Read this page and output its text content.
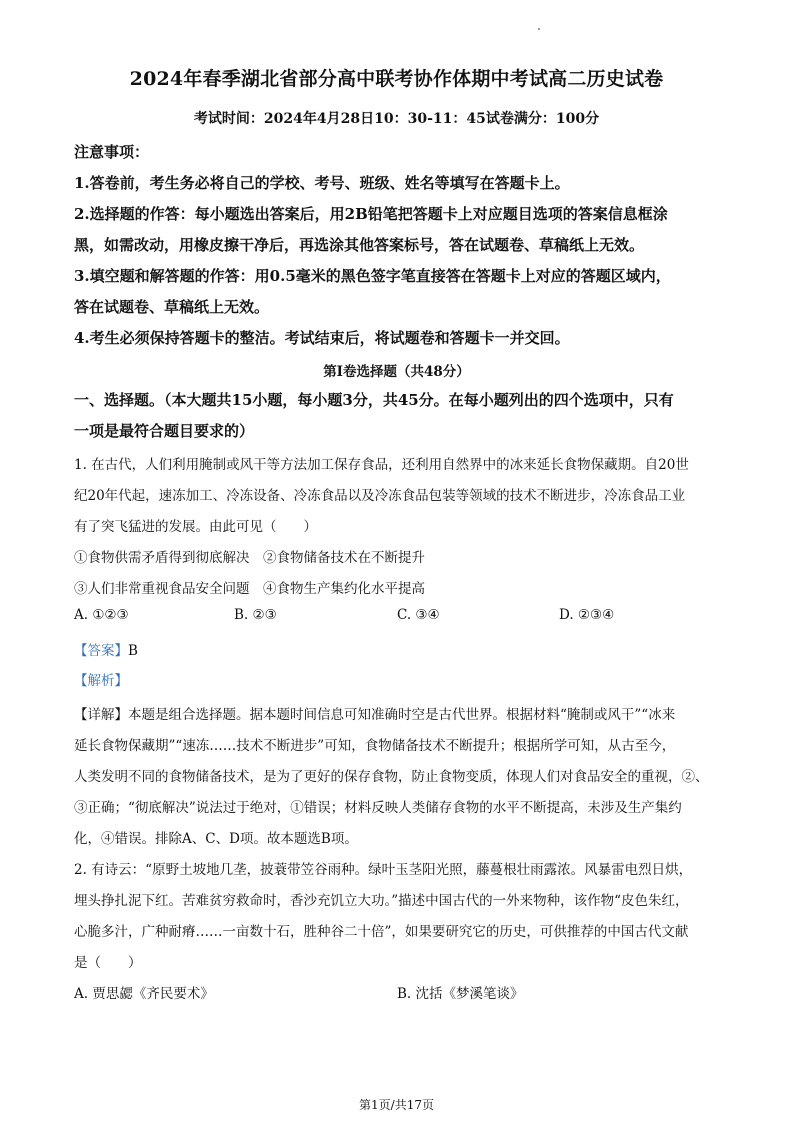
2024年春季湖北省部分高中联考协作体期中考试高二历史试卷
考试时间：2024年4月28日10：30-11：45试卷满分：100分
注意事项：
1.答卷前，考生务必将自己的学校、考号、班级、姓名等填写在答题卡上。
2.选择题的作答：每小题选出答案后，用2B铅笔把答题卡上对应题目选项的答案信息框涂
黑，如需改动，用橡皮擦干净后，再选涂其他答案标号，答在试题卷、草稿纸上无效。
3.填空题和解答题的作答：用0.5毫米的黑色签字笔直接答在答题卡上对应的答题区域内，
答在试题卷、草稿纸上无效。
4.考生必须保持答题卡的整洁。考试结束后，将试题卷和答题卡一并交回。
第Ⅰ卷选择题（共48分）
一、选择题。（本大题共15小题，每小题3分，共45分。在每小题列出的四个选项中，只有
一项是最符合题目要求的）
1. 在古代，人们利用腌制或风干等方法加工保存食品，还利用自然界中的冰来延长食物保藏期。自20世
纪20年代起，速冻加工、冷冻设备、冷冻食品以及冷冻食品包装等领域的技术不断进步，冷冻食品工业
有了突飞猛进的发展。由此可见（　　）
①食物供需矛盾得到彻底解决　②食物储备技术在不断提升
③人们非常重视食品安全问题　④食物生产集约化水平提高
A. ①②③	B. ②③	C. ③④	D. ②③④
【答案】B
【解析】
【详解】本题是组合选择题。据本题时间信息可知准确时空是古代世界。根据材料“腌制或风干”“冰来
延长食物保藏期”“速冻……技术不断进步”可知，食物储备技术不断提升；根据所学可知，从古至今，
人类发明不同的食物储备技术，是为了更好的保存食物，防止食物变质，体现人们对食品安全的重视，②、
③正确；“彻底解决”说法过于绝对，①错误；材料反映人类储存食物的水平不断提高，未涉及生产集约
化，④错误。排除A、C、D项。故本题选B项。
2. 有诗云：“原野土坡地几垄，披蓑带笠谷雨种。绿叶玉茎阳光照，藤蔓根壮雨露浓。风暴雷电烈日烘，
埋头挣扎泥下红。苦难贫穷救命时，香沙充饥立大功。”描述中国古代的一外来物种，该作物“皮色朱红，
心脆多汁，广种耐瘠……一亩数十石，胜种谷二十倍”，如果要研究它的历史，可供推荐的中国古代文献
是（　　）
A. 贾思勰《齐民要术》	B. 沈括《梦溪笔谈》
第1页/共17页
